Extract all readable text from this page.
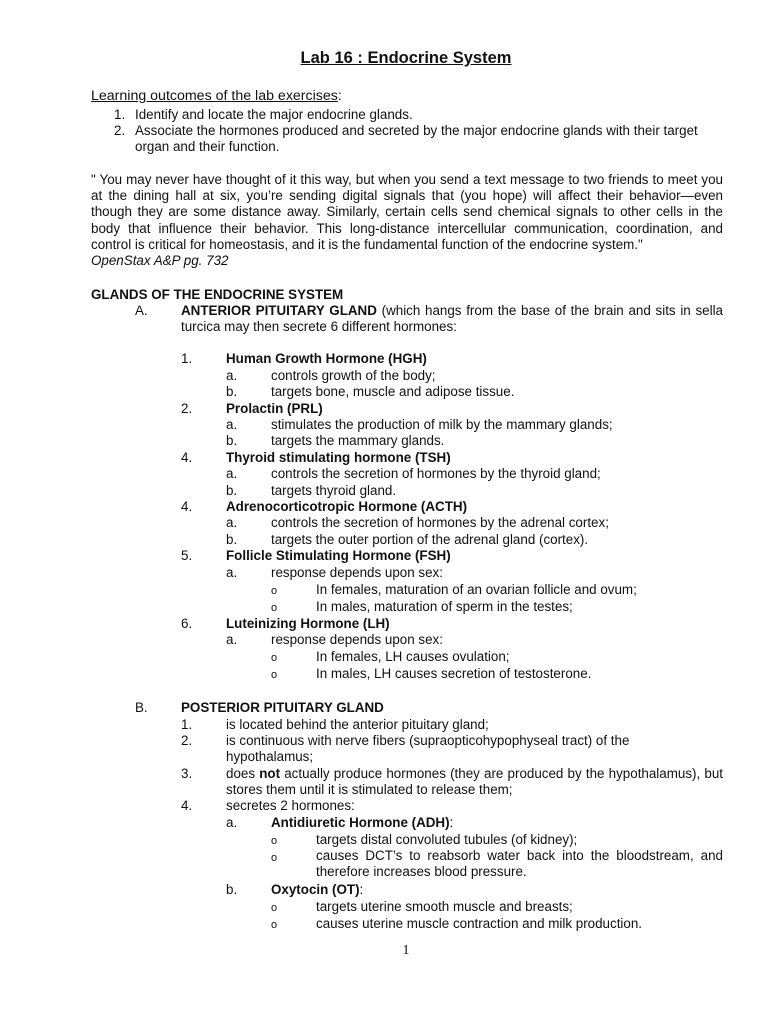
Lab 16 : Endocrine System
Learning outcomes of the lab exercises:
1. Identify and locate the major endocrine glands.
2. Associate the hormones produced and secreted by the major endocrine glands with their target
organ and their function.
" You may never have thought of it this way, but when you send a text message to two friends to meet you at the dining hall at six, you’re sending digital signals that (you hope) will affect their behavior—even though they are some distance away. Similarly, certain cells send chemical signals to other cells in the body that influence their behavior. This long-distance intercellular communication, coordination, and control is critical for homeostasis, and it is the fundamental function of the endocrine system."
OpenStax A&P pg. 732
GLANDS OF THE ENDOCRINE SYSTEM
A. ANTERIOR PITUITARY GLAND (which hangs from the base of the brain and sits in sella turcica may then secrete 6 different hormones:
1.	Human Growth Hormone (HGH)
a.	controls growth of the body;
b.	targets bone, muscle and adipose tissue.
2.	Prolactin (PRL)
a.	stimulates the production of milk by the mammary glands;
b.	targets the mammary glands.
4.	Thyroid stimulating hormone (TSH)
a.	controls the secretion of hormones by the thyroid gland;
b.	targets thyroid gland.
4.	Adrenocorticotropic Hormone (ACTH)
a.	controls the secretion of hormones by the adrenal cortex;
b.	targets the outer portion of the adrenal gland (cortex).
5.	Follicle Stimulating Hormone (FSH)
a.	response depends upon sex:
o	In females, maturation of an ovarian follicle and ovum;
o	In males, maturation of sperm in the testes;
6.	Luteinizing Hormone (LH)
a.	response depends upon sex:
o	In females, LH causes ovulation;
o	In males, LH causes secretion of testosterone.
B. POSTERIOR PITUITARY GLAND
1.	is located behind the anterior pituitary gland;
2.	is continuous with nerve fibers (supraopticohypophyseal tract) of the
hypothalamus;
3.	does not actually produce hormones (they are produced by the hypothalamus), but stores them until it is stimulated to release them;
4.	secretes 2 hormones:
a.	Antidiuretic Hormone (ADH):
o	targets distal convoluted tubules (of kidney);
o	causes DCT’s to reabsorb water back into the bloodstream, and therefore increases blood pressure.
b.	Oxytocin (OT):
o	targets uterine smooth muscle and breasts;
o	causes uterine muscle contraction and milk production.
1
